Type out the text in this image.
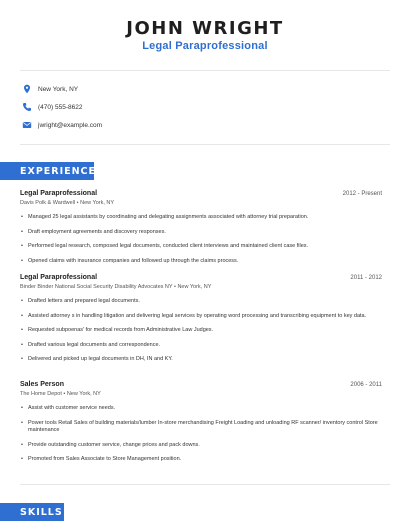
JOHN WRIGHT
Legal Paraprofessional
New York, NY
(470) 555-8622
jwright@example.com
EXPERIENCE
Legal Paraprofessional	2012 - Present
Davis Polk & Wardwell • New York, NY
• Managed 25 legal assistants by coordinating and delegating assignments associated with attorney trial preparation.
• Draft employment agreements and discovery responses.
• Performed legal research, composed legal documents, conducted client interviews and maintained client case files.
• Opened claims with insurance companies and followed up through the claims process.
Legal Paraprofessional	2011 - 2012
Binder Binder National Social Security Disability Advocates NY • New York, NY
• Drafted letters and prepared legal documents.
• Assisted attorney s in handling litigation and delivering legal services by operating word processing and transcribing equipment to key data.
• Requested subpoenas' for medical records from Administrative Law Judges.
• Drafted various legal documents and correspondence.
• Delivered and picked up legal documents in DH, IN and KY.
Sales Person	2006 - 2011
The Home Depot • New York, NY
• Assist with customer service needs.
• Power tools Retail Sales of building materials/lumber In-store merchandising Freight Loading and unloading RF scanner/ inventory control Store maintenance
• Provide outstanding customer service, change prices and pack downs.
• Promoted from Sales Associate to Store Management position.
SKILLS
